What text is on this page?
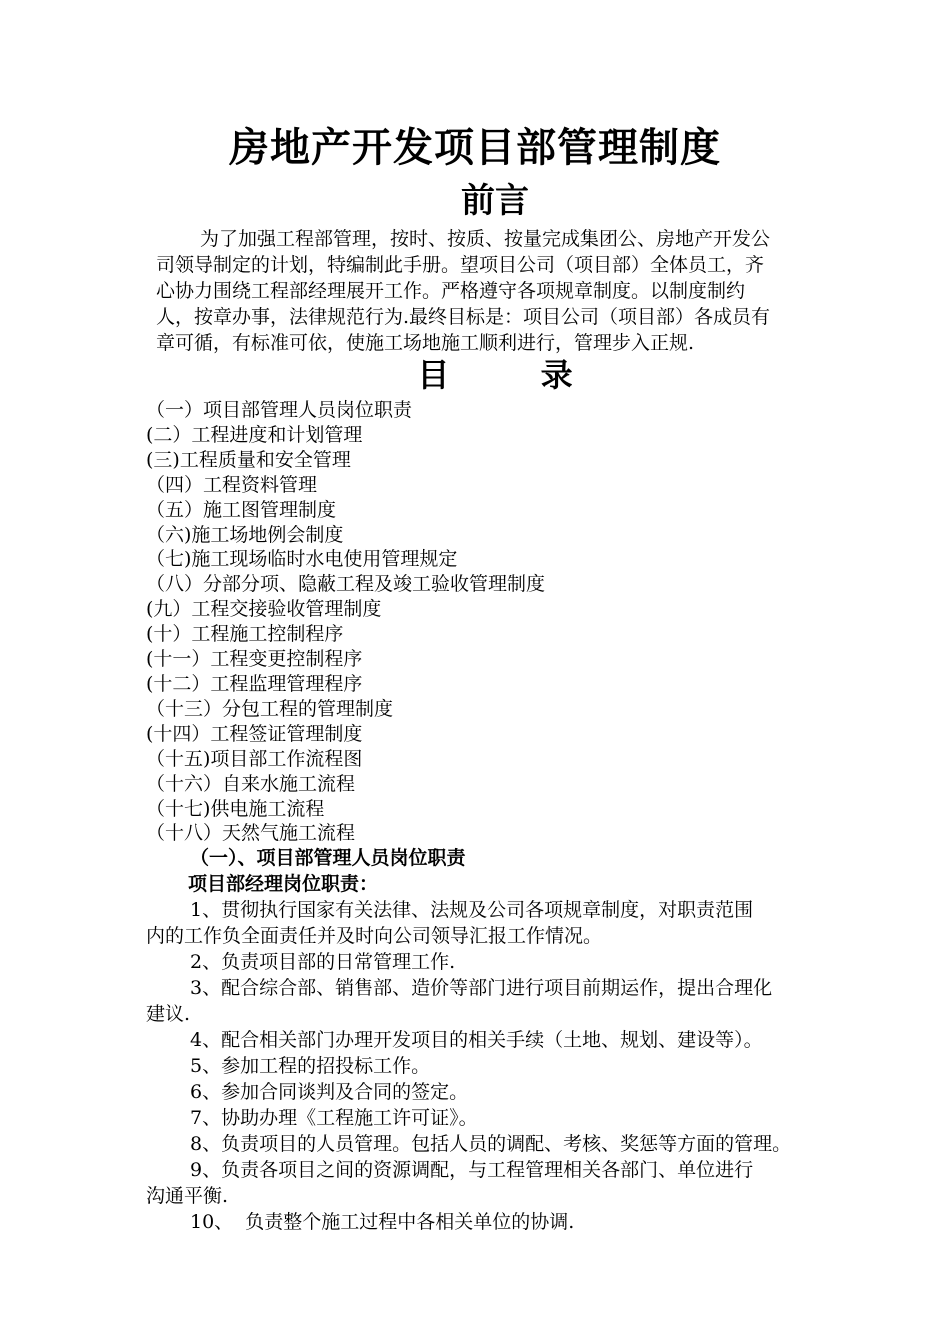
房地产开发项目部管理制度
前言
为了加强工程部管理，按时、按质、按量完成集团公、房地产开发公
司领导制定的计划，特编制此手册。望项目公司（项目部）全体员工，齐
心协力围绕工程部经理展开工作。严格遵守各项规章制度。以制度制约
人，按章办事，法律规范行为.最终目标是：项目公司（项目部）各成员有
章可循，有标准可依，使施工场地施工顺利进行，管理步入正规.
目 录
（一）项目部管理人员岗位职责
(二）工程进度和计划管理
(三)工程质量和安全管理
（四）工程资料管理
（五）施工图管理制度
（六)施工场地例会制度
（七)施工现场临时水电使用管理规定
（八）分部分项、隐蔽工程及竣工验收管理制度
(九）工程交接验收管理制度
(十）工程施工控制程序
(十一）工程变更控制程序
(十二）工程监理管理程序
（十三）分包工程的管理制度
(十四）工程签证管理制度
（十五)项目部工作流程图
（十六）自来水施工流程
（十七)供电施工流程
（十八）天然气施工流程
（一）、项目部管理人员岗位职责
项目部经理岗位职责：

1、贯彻执行国家有关法律、法规及公司各项规章制度，对职责范围

内的工作负全面责任并及时向公司领导汇报工作情况。

2、负责项目部的日常管理工作.

3、配合综合部、销售部、造价等部门进行项目前期运作，提出合理化

建议.

4、配合相关部门办理开发项目的相关手续（土地、规划、建设等）。

5、参加工程的招投标工作。

6、参加合同谈判及合同的签定。

7、协助办理《工程施工许可证》。

8、负责项目的人员管理。包括人员的调配、考核、奖惩等方面的管理。

9、负责各项目之间的资源调配，与工程管理相关各部门、单位进行

沟通平衡.

10、  负责整个施工过程中各相关单位的协调.
